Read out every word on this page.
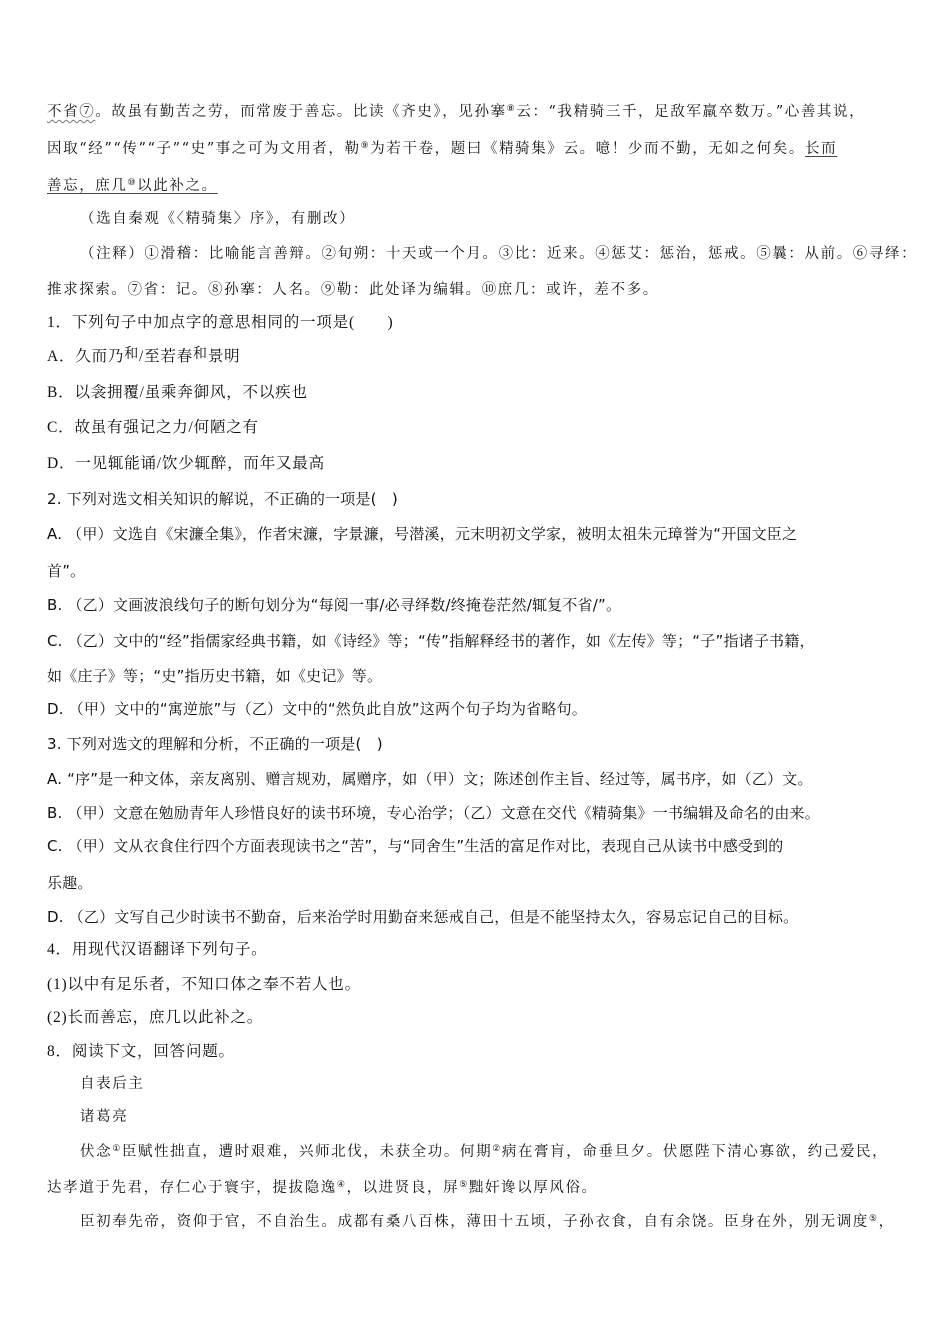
不省⑦。故虽有勤苦之劳，而常废于善忘。比读《齐史》，见孙搴⑧云：“我精骑三千，足敌军羸卒数万。”心善其说，
因取“经”“传”“子”“史”事之可为文用者，勒⑨为若干卷，题曰《精骑集》云。噫！少而不勤，无如之何矣。长而
善忘，庶几⑩以此补之。
（选自秦观《〈精骑集〉序》，有删改）
（注释）①滑稽：比喻能言善辩。②旬朔：十天或一个月。③比：近来。④惩艾：惩治，惩戒。⑤曩：从前。⑥寻绎：
推求探索。⑦省：记。⑧孙搴：人名。⑨勒：此处译为编辑。⑩庶几：或许，差不多。
1．下列句子中加点字的意思相同的一项是(　　)
A．久而乃和/至若春和景明
B．以衾拥覆/虽乘奔御风，不以疾也
C．故虽有强记之力/何陋之有
D．一见辄能诵/饮少辄醉，而年又最高
2. 下列对选文相关知识的解说，不正确的一项是(　)
A. （甲）文选自《宋濂全集》，作者宋濂，字景濂，号潜溪，元末明初文学家，被明太祖朱元璋誉为“开国文臣之
首”。
B. （乙）文画波浪线句子的断句划分为“每阅一事/必寻绎数/终掩卷茫然/辄复不省/”。
C. （乙）文中的“经”指儒家经典书籍，如《诗经》等；“传”指解释经书的著作，如《左传》等；“子”指诸子书籍，
如《庄子》等；“史”指历史书籍，如《史记》等。
D. （甲）文中的“寓逆旅”与（乙）文中的“然负此自放”这两个句子均为省略句。
3. 下列对选文的理解和分析，不正确的一项是(　)
A. “序”是一种文体，亲友离别、赠言规劝，属赠序，如（甲）文；陈述创作主旨、经过等，属书序，如（乙）文。
B. （甲）文意在勉励青年人珍惜良好的读书环境，专心治学；（乙）文意在交代《精骑集》一书编辑及命名的由来。
C. （甲）文从衣食住行四个方面表现读书之“苦”，与“同舍生”生活的富足作对比，表现自己从读书中感受到的
乐趣。
D. （乙）文写自己少时读书不勤奋，后来治学时用勤奋来惩戒自己，但是不能坚持太久，容易忘记自己的目标。
4．用现代汉语翻译下列句子。
(1)以中有足乐者，不知口体之奉不若人也。
(2)长而善忘，庶几以此补之。
8．阅读下文，回答问题。
自表后主
诸葛亮
伏念①臣赋性拙直，遭时艰难，兴师北伐，未获全功。何期②病在膏肓，命垂旦夕。伏愿陛下清心寡欲，约己爱民，
达孝道于先君，存仁心于寰宇，提拔隐逸④，以进贤良，屏⑤黜奸谗以厚风俗。
臣初奉先帝，资仰于官，不自治生。成都有桑八百株，薄田十五顷，子孙衣食，自有余饶。臣身在外，别无调度⑤，
